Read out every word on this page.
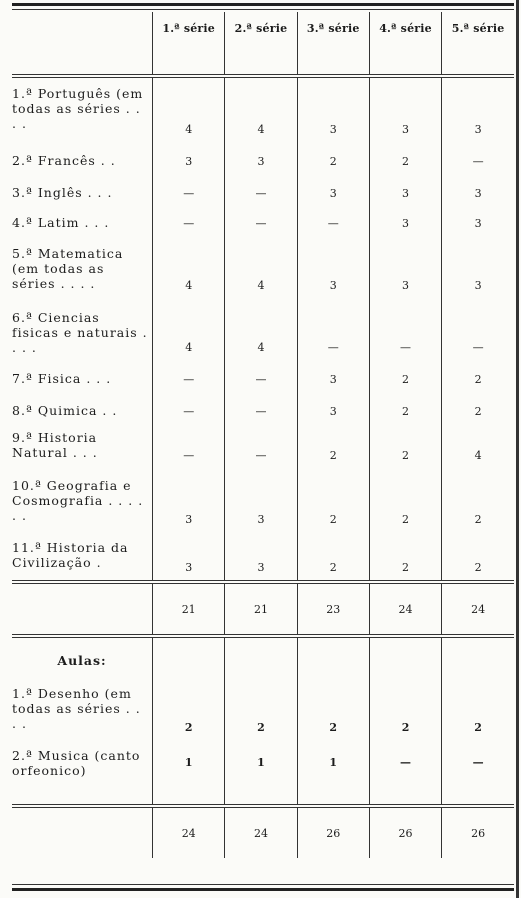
	1.ª série	2.ª série	3.ª série	4.ª série	5.ª série
1.ª Português (em todas as séries . . . .	4	4	3	3	3
2.ª Francês . .	3	3	2	2	—
3.ª Inglês . . .	—	—	3	3	3
4.ª Latim . . .	—	—	—	3	3
5.ª Matematica (em todas as séries . . . .	4	4	3	3	3
6.ª Ciencias fisicas e naturais . . . .	4	4	—	—	—
7.ª Fisica . . .	—	—	3	2	2
8.ª Quimica . .	—	—	3	2	2
9.ª Historia Natural . . .	—	—	2	2	4
10.ª Geografia e Cosmografia . . . . . .	3	3	2	2	2
11.ª Historia da Civilização .	3	3	2	2	2
	21	21	23	24	24
Aulas:					
1.ª Desenho (em todas as séries . . . .	2	2	2	2	2
2.ª Musica (canto orfeonico)	1	1	1	—	—
	24	24	26	26	26
